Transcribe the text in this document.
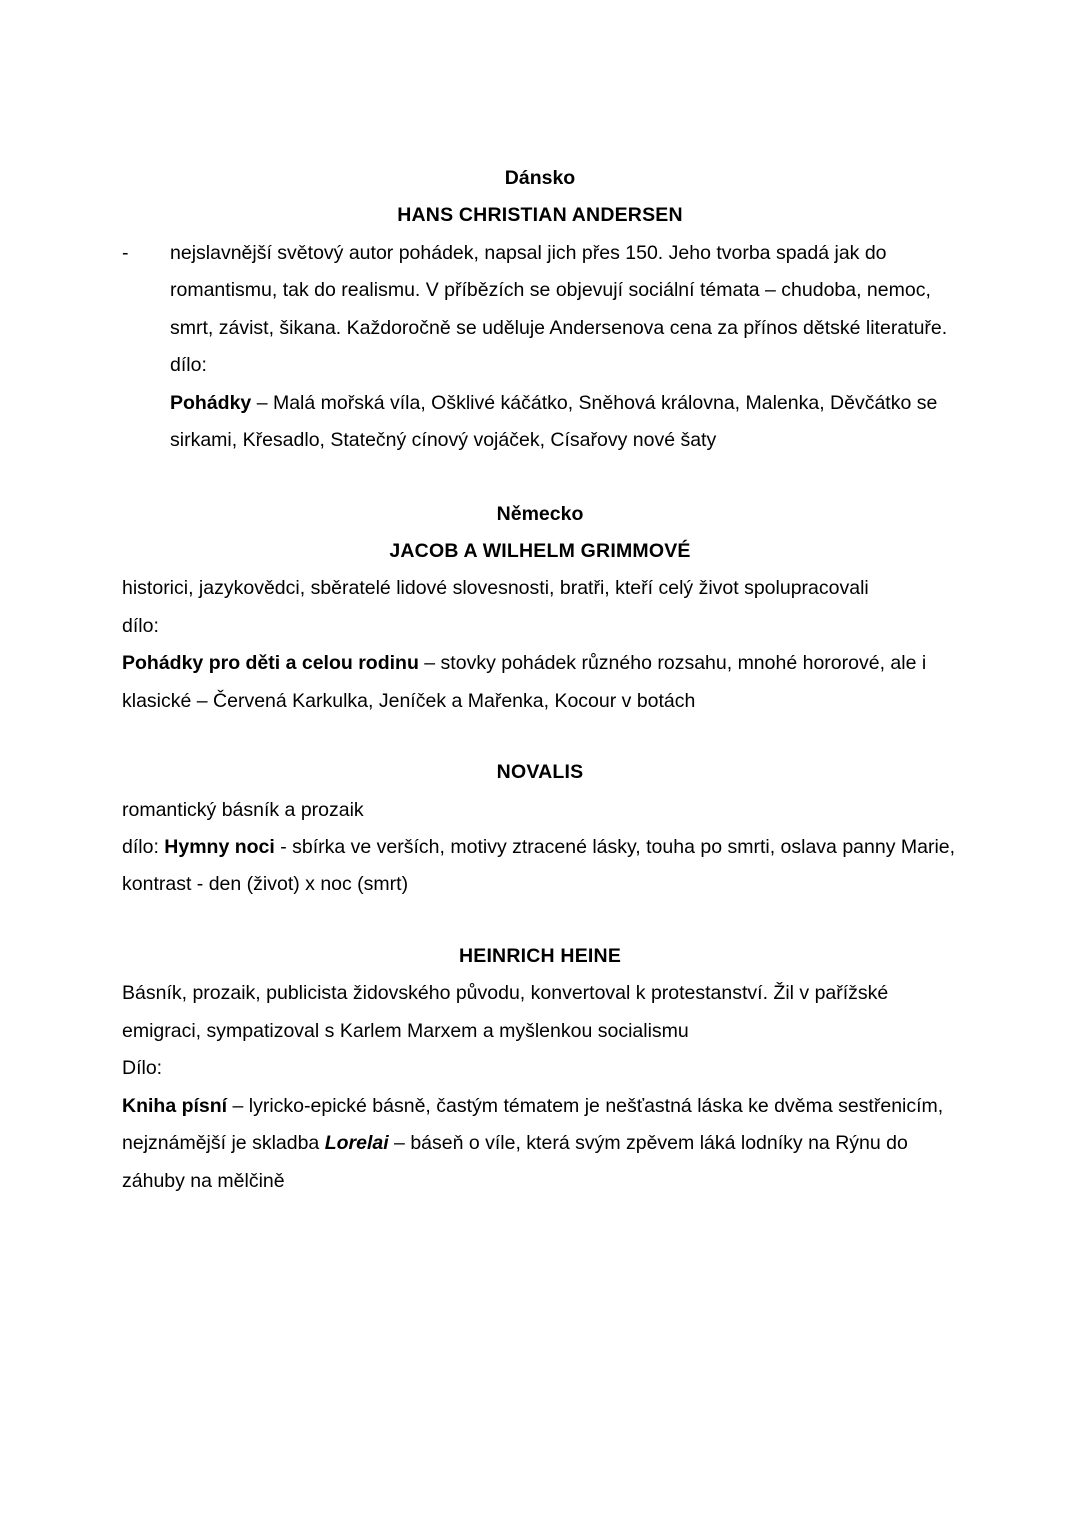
Dánsko
HANS CHRISTIAN ANDERSEN
- nejslavnější světový autor pohádek, napsal jich přes 150. Jeho tvorba spadá jak do romantismu, tak do realismu. V příbězích se objevují sociální témata – chudoba, nemoc, smrt, závist, šikana. Každoročně se uděluje Andersenova cena za přínos dětské literatuře.
dílo:
Pohádky – Malá mořská víla, Ošklivé káčátko, Sněhová královna, Malenka, Děvčátko se sirkami, Křesadlo, Statečný cínový vojáček, Císařovy nové šaty
Německo
JACOB A WILHELM GRIMMOVÉ
historici, jazykovědci, sběratelé lidové slovesnosti, bratři, kteří celý život spolupracovali
dílo:
Pohádky pro děti a celou rodinu – stovky pohádek různého rozsahu, mnohé hororové, ale i klasické – Červená Karkulka, Jeníček a Mařenka, Kocour v botách
NOVALIS
romantický básník a prozaik
dílo: Hymny noci - sbírka ve verších, motivy ztracené lásky, touha po smrti, oslava panny Marie, kontrast - den (život) x noc (smrt)
HEINRICH HEINE
Básník, prozaik, publicista židovského původu, konvertoval k protestanství. Žil v pařížské emigraci, sympatizoval s Karlem Marxem a myšlenkou socialismu
Dílo:
Kniha písní – lyricko-epické básně, častým tématem je nešťastná láska ke dvěma sestřenicím, nejznámější je skladba Lorelai – báseň o víle, která svým zpěvem láká lodníky na Rýnu do záhuby na mělčině
